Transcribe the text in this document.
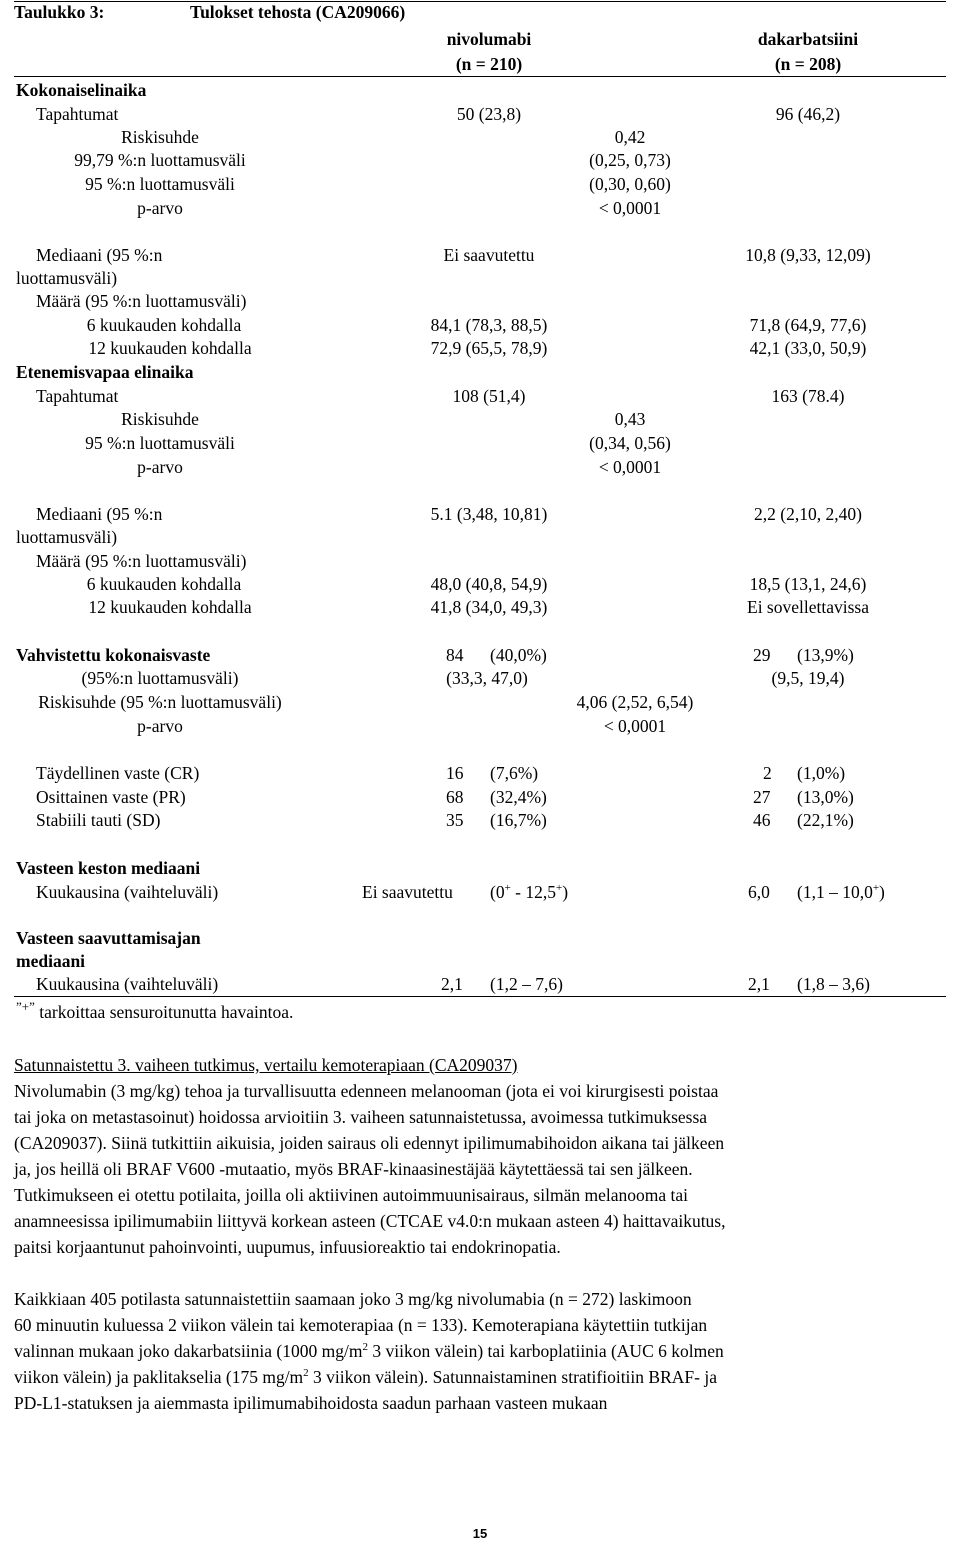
Taulukko 3:	Tulokset tehosta (CA209066)
nivolumabi
(n = 210)
dakarbatsiini
(n = 208)
Kokonaiselinaika
Tapahtumat	50 (23,8)	96 (46,2)
Riskisuhde	0,42
99,79 %:n luottamusväli	(0,25, 0,73)
95 %:n luottamusväli	(0,30, 0,60)
p-arvo	< 0,0001
Mediaani (95 %:n
luottamusväli)
Ei saavutettu	10,8 (9,33, 12,09)
Määrä (95 %:n luottamusväli)
6 kuukauden kohdalla	84,1 (78,3, 88,5)	71,8 (64,9, 77,6)
12 kuukauden kohdalla	72,9 (65,5, 78,9)	42,1 (33,0, 50,9)
Etenemisvapaa elinaika
Tapahtumat	108 (51,4)	163 (78.4)
Riskisuhde	0,43
95 %:n luottamusväli	(0,34, 0,56)
p-arvo	< 0,0001
Mediaani (95 %:n
luottamusväli)
5.1 (3,48, 10,81)	2,2 (2,10, 2,40)
Määrä (95 %:n luottamusväli)
6 kuukauden kohdalla	48,0 (40,8, 54,9)	18,5 (13,1, 24,6)
12 kuukauden kohdalla	41,8 (34,0, 49,3)	Ei sovellettavissa
Vahvistettu kokonaisvaste	84 (40,0%)	29 (13,9%)
(95%:n luottamusväli)	(33,3, 47,0)	(9,5, 19,4)
Riskisuhde (95 %:n luottamusväli)	4,06 (2,52, 6,54)
p-arvo	< 0,0001
Täydellinen vaste (CR)	16 (7,6%)	2 (1,0%)
Osittainen vaste (PR)	68 (32,4%)	27 (13,0%)
Stabiili tauti (SD)	35 (16,7%)	46 (22,1%)
Vasteen keston mediaani
Kuukausina (vaihteluväli)	Ei saavutettu (0+ - 12,5+)	6,0 (1,1 ‒ 10,0+)
Vasteen saavuttamisajan
mediaani
Kuukausina (vaihteluväli)	2,1 (1,2 ‒ 7,6)	2,1 (1,8 ‒ 3,6)
”+” tarkoittaa sensuroitunutta havaintoa.
Satunnaistettu 3. vaiheen tutkimus, vertailu kemoterapiaan (CA209037)
Nivolumabin (3 mg/kg) tehoa ja turvallisuutta edenneen melanooman (jota ei voi kirurgisesti poistaa
tai joka on metastasoinut) hoidossa arvioitiin 3. vaiheen satunnaistetussa, avoimessa tutkimuksessa
(CA209037). Siinä tutkittiin aikuisia, joiden sairaus oli edennyt ipilimumabihoidon aikana tai jälkeen
ja, jos heillä oli BRAF V600 -mutaatio, myös BRAF-kinaasinestäjää käytettäessä tai sen jälkeen.
Tutkimukseen ei otettu potilaita, joilla oli aktiivinen autoimmuunisairaus, silmän melanooma tai
anamneesissa ipilimumabiin liittyvä korkean asteen (CTCAE v4.0:n mukaan asteen 4) haittavaikutus,
paitsi korjaantunut pahoinvointi, uupumus, infuusioreaktio tai endokrinopatia.
Kaikkiaan 405 potilasta satunnaistettiin saamaan joko 3 mg/kg nivolumabia (n = 272) laskimoon
60 minuutin kuluessa 2 viikon välein tai kemoterapiaa (n = 133). Kemoterapiana käytettiin tutkijan
valinnan mukaan joko dakarbatsiinia (1000 $mg/m^2$ 3 viikon välein) tai karboplatiinia (AUC 6 kolmen
viikon välein) ja paklitakselia (175 $mg/m^2$ 3 viikon välein). Satunnaistaminen stratifioitiin BRAF- ja
PD-L1-statuksen ja aiemmasta ipilimumabihoidosta saadun parhaan vasteen mukaan
15
